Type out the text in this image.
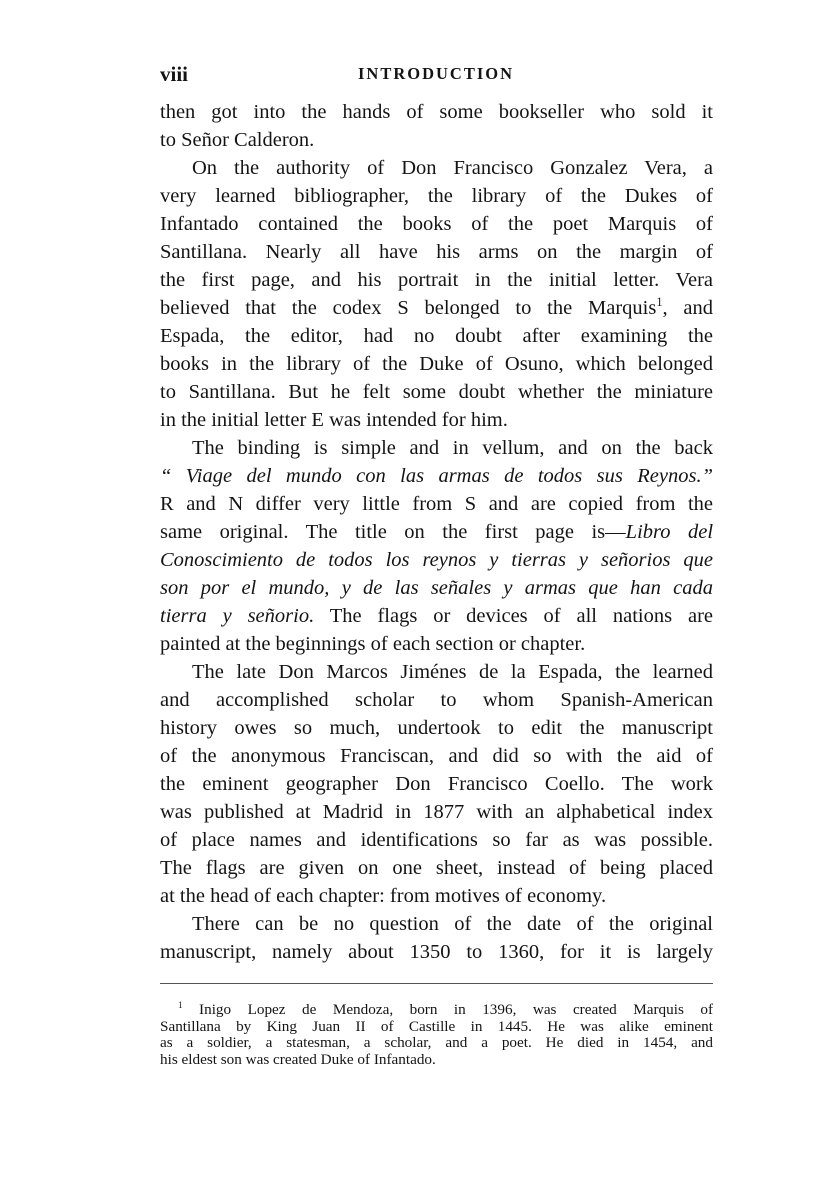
viii	INTRODUCTION
then got into the hands of some bookseller who sold it
to Señor Calderon.
On the authority of Don Francisco Gonzalez Vera, a
very learned bibliographer, the library of the Dukes of
Infantado contained the books of the poet Marquis of
Santillana. Nearly all have his arms on the margin of
the first page, and his portrait in the initial letter. Vera
believed that the codex S belonged to the Marquis$^1$, and
Espada, the editor, had no doubt after examining the
books in the library of the Duke of Osuno, which belonged
to Santillana. But he felt some doubt whether the miniature
in the initial letter E was intended for him.
The binding is simple and in vellum, and on the back
“ Viage del mundo con las armas de todos sus Reynos.”
R and N differ very little from S and are copied from the
same original. The title on the first page is—Libro del
Conoscimiento de todos los reynos y tierras y señorios que
son por el mundo, y de las señales y armas que han cada
tierra y señorio. The flags or devices of all nations are
painted at the beginnings of each section or chapter.
The late Don Marcos Jiménes de la Espada, the learned
and accomplished scholar to whom Spanish-American
history owes so much, undertook to edit the manuscript
of the anonymous Franciscan, and did so with the aid of
the eminent geographer Don Francisco Coello. The work
was published at Madrid in 1877 with an alphabetical index
of place names and identifications so far as was possible.
The flags are given on one sheet, instead of being placed
at the head of each chapter: from motives of economy.
There can be no question of the date of the original
manuscript, namely about 1350 to 1360, for it is largely
$^1$ Inigo Lopez de Mendoza, born in 1396, was created Marquis of
Santillana by King Juan II of Castille in 1445. He was alike eminent
as a soldier, a statesman, a scholar, and a poet. He died in 1454, and
his eldest son was created Duke of Infantado.
